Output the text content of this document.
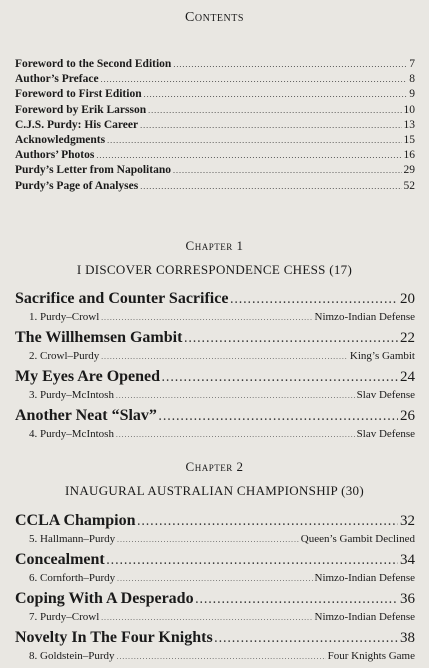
Contents
Foreword to the Second Edition . . .	7
Author’s Preface . . .	8
Foreword to First Edition . . .	9
Foreword by Erik Larsson . . .	10
C.J.S. Purdy: His Career . . .	13
Acknowledgments . . .	15
Authors’ Photos . . .	16
Purdy’s Letter from Napolitano . . .	29
Purdy’s Page of Analyses . . .	52
Chapter 1
I DISCOVER CORRESPONDENCE CHESS (17)
Sacrifice and Counter Sacrifice . . .	20
1. Purdy–Crowl . . .	Nimzo-Indian Defense
The Willhemsen Gambit . . .	22
2. Crowl–Purdy . . .	King’s Gambit
My Eyes Are Opened . . .	24
3. Purdy–McIntosh . . .	Slav Defense
Another Neat “Slav” . . .	26
4. Purdy–McIntosh . . .	Slav Defense
Chapter 2
INAUGURAL AUSTRALIAN CHAMPIONSHIP (30)
CCLA Champion . . .	32
5. Hallmann–Purdy . . .	Queen’s Gambit Declined
Concealment . . .	34
6. Cornforth–Purdy . . .	Nimzo-Indian Defense
Coping With A Desperado . . .	36
7. Purdy–Crowl . . .	Nimzo-Indian Defense
Novelty In The Four Knights . . .	38
8. Goldstein–Purdy . . .	Four Knights Game
